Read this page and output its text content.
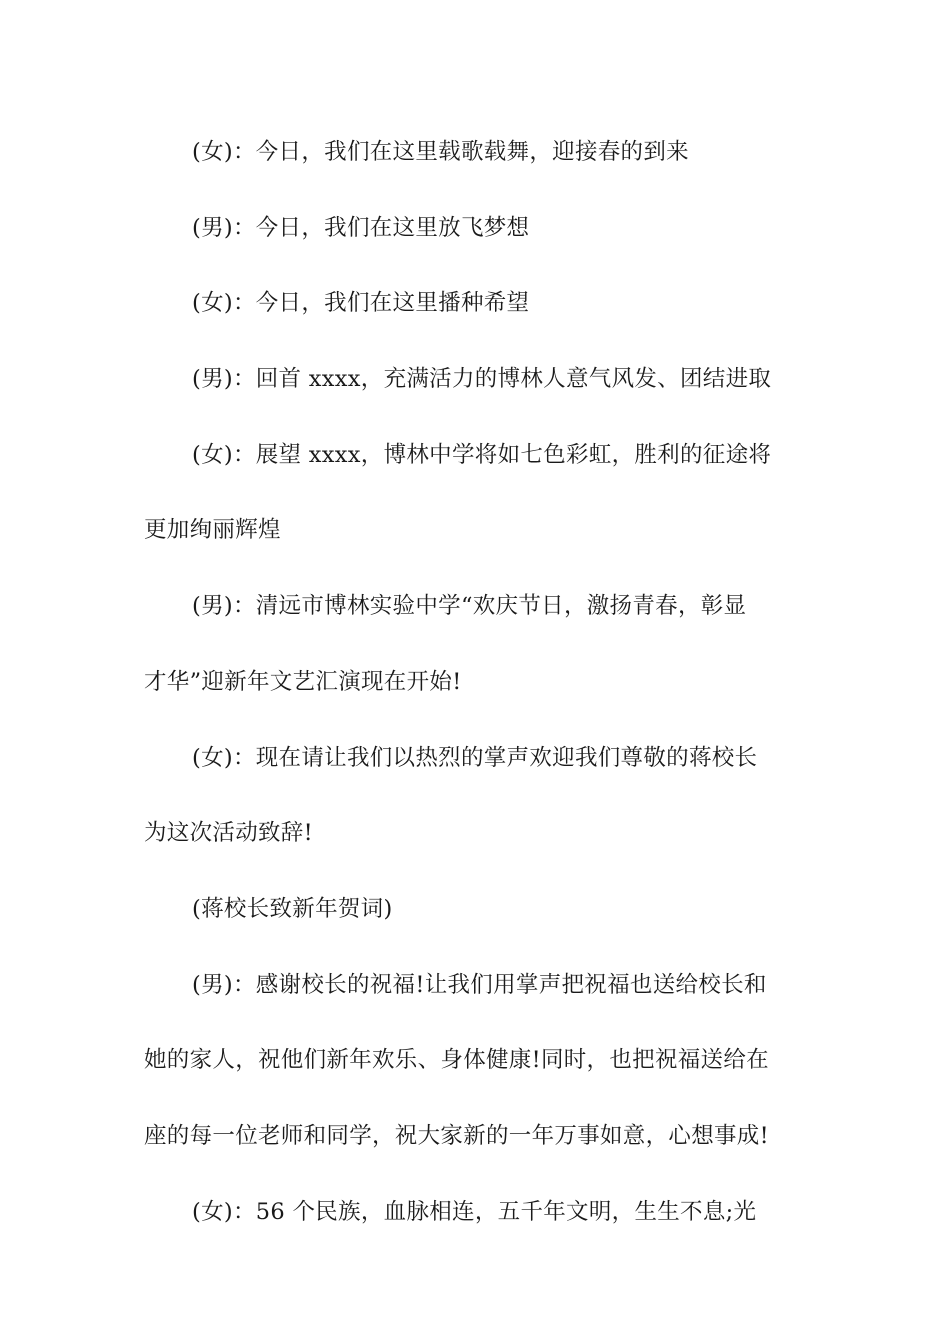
(女)：今日，我们在这里载歌载舞，迎接春的到来
(男)：今日，我们在这里放飞梦想
(女)：今日，我们在这里播种希望
(男)：回首 xxxx，充满活力的博林人意气风发、团结进取
(女)：展望 xxxx，博林中学将如七色彩虹，胜利的征途将
更加绚丽辉煌
(男)：清远市博林实验中学“欢庆节日，激扬青春，彰显
才华”迎新年文艺汇演现在开始!
(女)：现在请让我们以热烈的掌声欢迎我们尊敬的蒋校长
为这次活动致辞!
(蒋校长致新年贺词)
(男)：感谢校长的祝福!让我们用掌声把祝福也送给校长和
她的家人，祝他们新年欢乐、身体健康!同时，也把祝福送给在
座的每一位老师和同学，祝大家新的一年万事如意，心想事成!
(女)：56 个民族，血脉相连，五千年文明，生生不息;光
